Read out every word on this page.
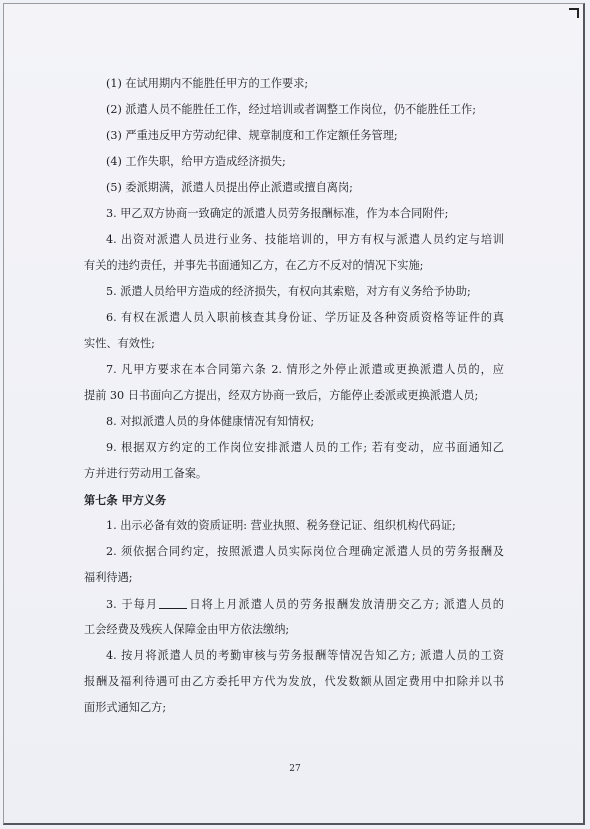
(1) 在试用期内不能胜任甲方的工作要求;
(2) 派遣人员不能胜任工作，经过培训或者调整工作岗位，仍不能胜任工作;
(3) 严重违反甲方劳动纪律、规章制度和工作定额任务管理;
(4) 工作失职，给甲方造成经济损失;
(5) 委派期满，派遣人员提出停止派遣或擅自离岗;
3. 甲乙双方协商一致确定的派遣人员劳务报酬标准，作为本合同附件;
4. 出资对派遣人员进行业务、技能培训的，甲方有权与派遣人员约定与培训
有关的违约责任，并事先书面通知乙方，在乙方不反对的情况下实施;
5. 派遣人员给甲方造成的经济损失，有权向其索赔，对方有义务给予协助;
6. 有权在派遣人员入职前核查其身份证、学历证及各种资质资格等证件的真
实性、有效性;
7. 凡甲方要求在本合同第六条 2. 情形之外停止派遣或更换派遣人员的，应
提前 30 日书面向乙方提出，经双方协商一致后，方能停止委派或更换派遣人员;
8. 对拟派遣人员的身体健康情况有知情权;
9. 根据双方约定的工作岗位安排派遣人员的工作; 若有变动，应书面通知乙
方并进行劳动用工备案。
第七条 甲方义务
1. 出示必备有效的资质证明: 营业执照、税务登记证、组织机构代码证;
2. 须依据合同约定，按照派遣人员实际岗位合理确定派遣人员的劳务报酬及
福利待遇;
3. 于每月	日将上月派遣人员的劳务报酬发放清册交乙方; 派遣人员的
工会经费及残疾人保障金由甲方依法缴纳;
4. 按月将派遣人员的考勤审核与劳务报酬等情况告知乙方; 派遣人员的工资
报酬及福利待遇可由乙方委托甲方代为发放，代发数额从固定费用中扣除并以书
面形式通知乙方;
27
